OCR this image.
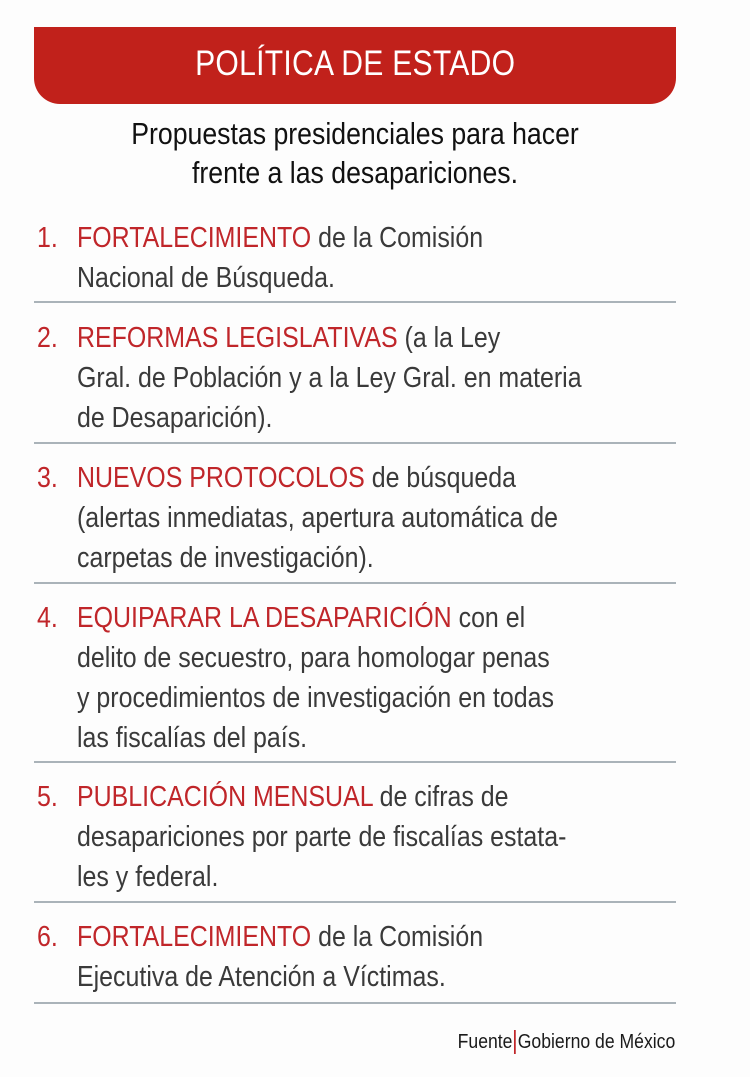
POLÍTICA DE ESTADO
Propuestas presidenciales para hacer
frente a las desapariciones.
1. FORTALECIMIENTO de la Comisión
Nacional de Búsqueda.
2. REFORMAS LEGISLATIVAS (a la Ley
Gral. de Población y a la Ley Gral. en materia
de Desaparición).
3. NUEVOS PROTOCOLOS de búsqueda
(alertas inmediatas, apertura automática de
carpetas de investigación).
4. EQUIPARAR LA DESAPARICIÓN con el
delito de secuestro, para homologar penas
y procedimientos de investigación en todas
las fiscalías del país.
5. PUBLICACIÓN MENSUAL de cifras de
desapariciones por parte de fiscalías estata-
les y federal.
6. FORTALECIMIENTO de la Comisión
Ejecutiva de Atención a Víctimas.
Fuente Gobierno de México
